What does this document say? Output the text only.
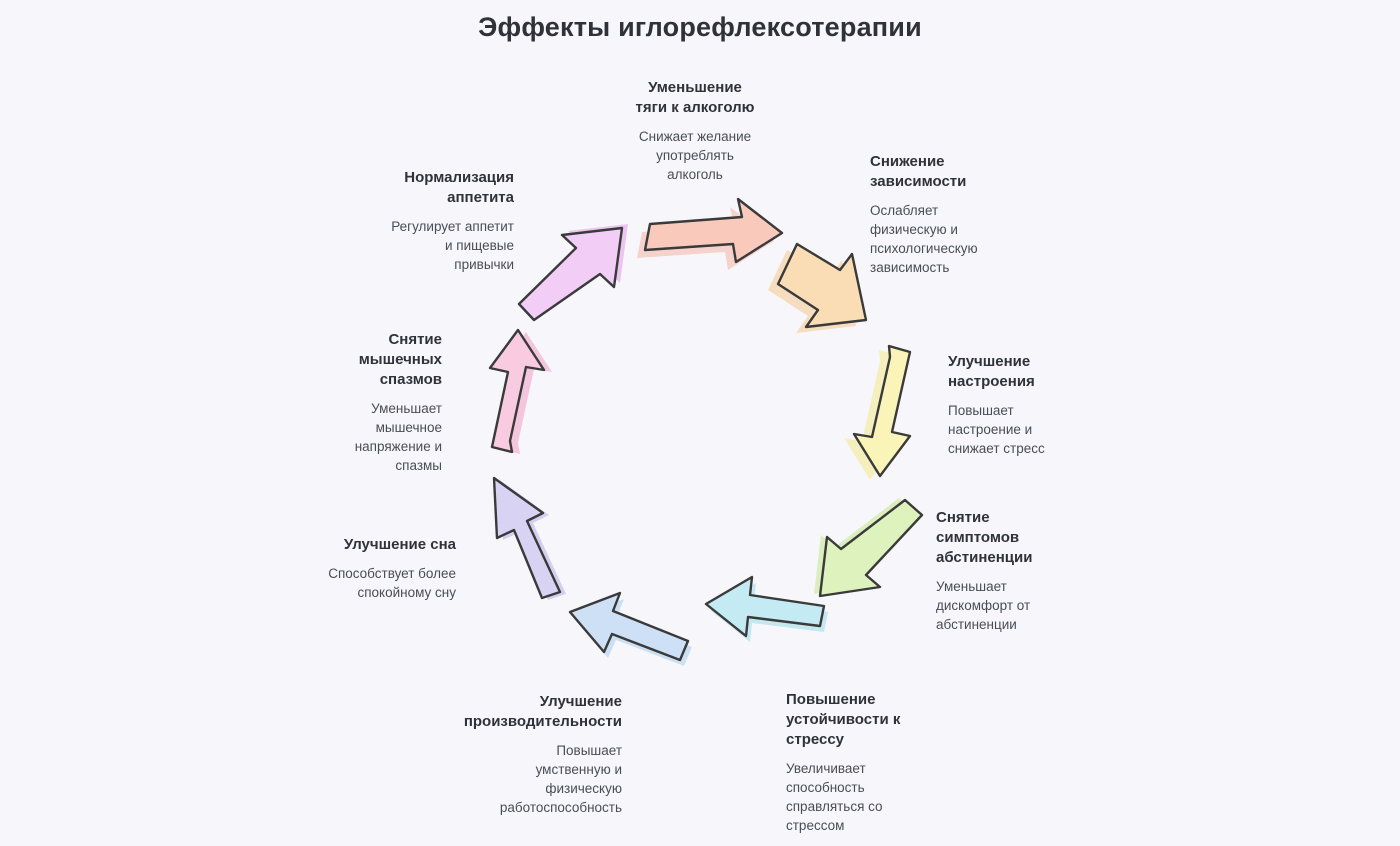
Эффекты иглорефлексотерапии
Уменьшение
тяги к алкоголю
Снижает желание
употреблять
алкоголь
Снижение
зависимости
Ослабляет
физическую и
психологическую
зависимость
Улучшение
настроения
Повышает
настроение и
снижает стресс
Снятие
симптомов
абстиненции
Уменьшает
дискомфорт от
абстиненции
Повышение
устойчивости к
стрессу
Увеличивает
способность
справляться со
стрессом
Улучшение
производительности
Повышает
умственную и
физическую
работоспособность
Улучшение сна
Способствует более
спокойному сну
Снятие
мышечных
спазмов
Уменьшает
мышечное
напряжение и
спазмы
Нормализация
аппетита
Регулирует аппетит
и пищевые
привычки
